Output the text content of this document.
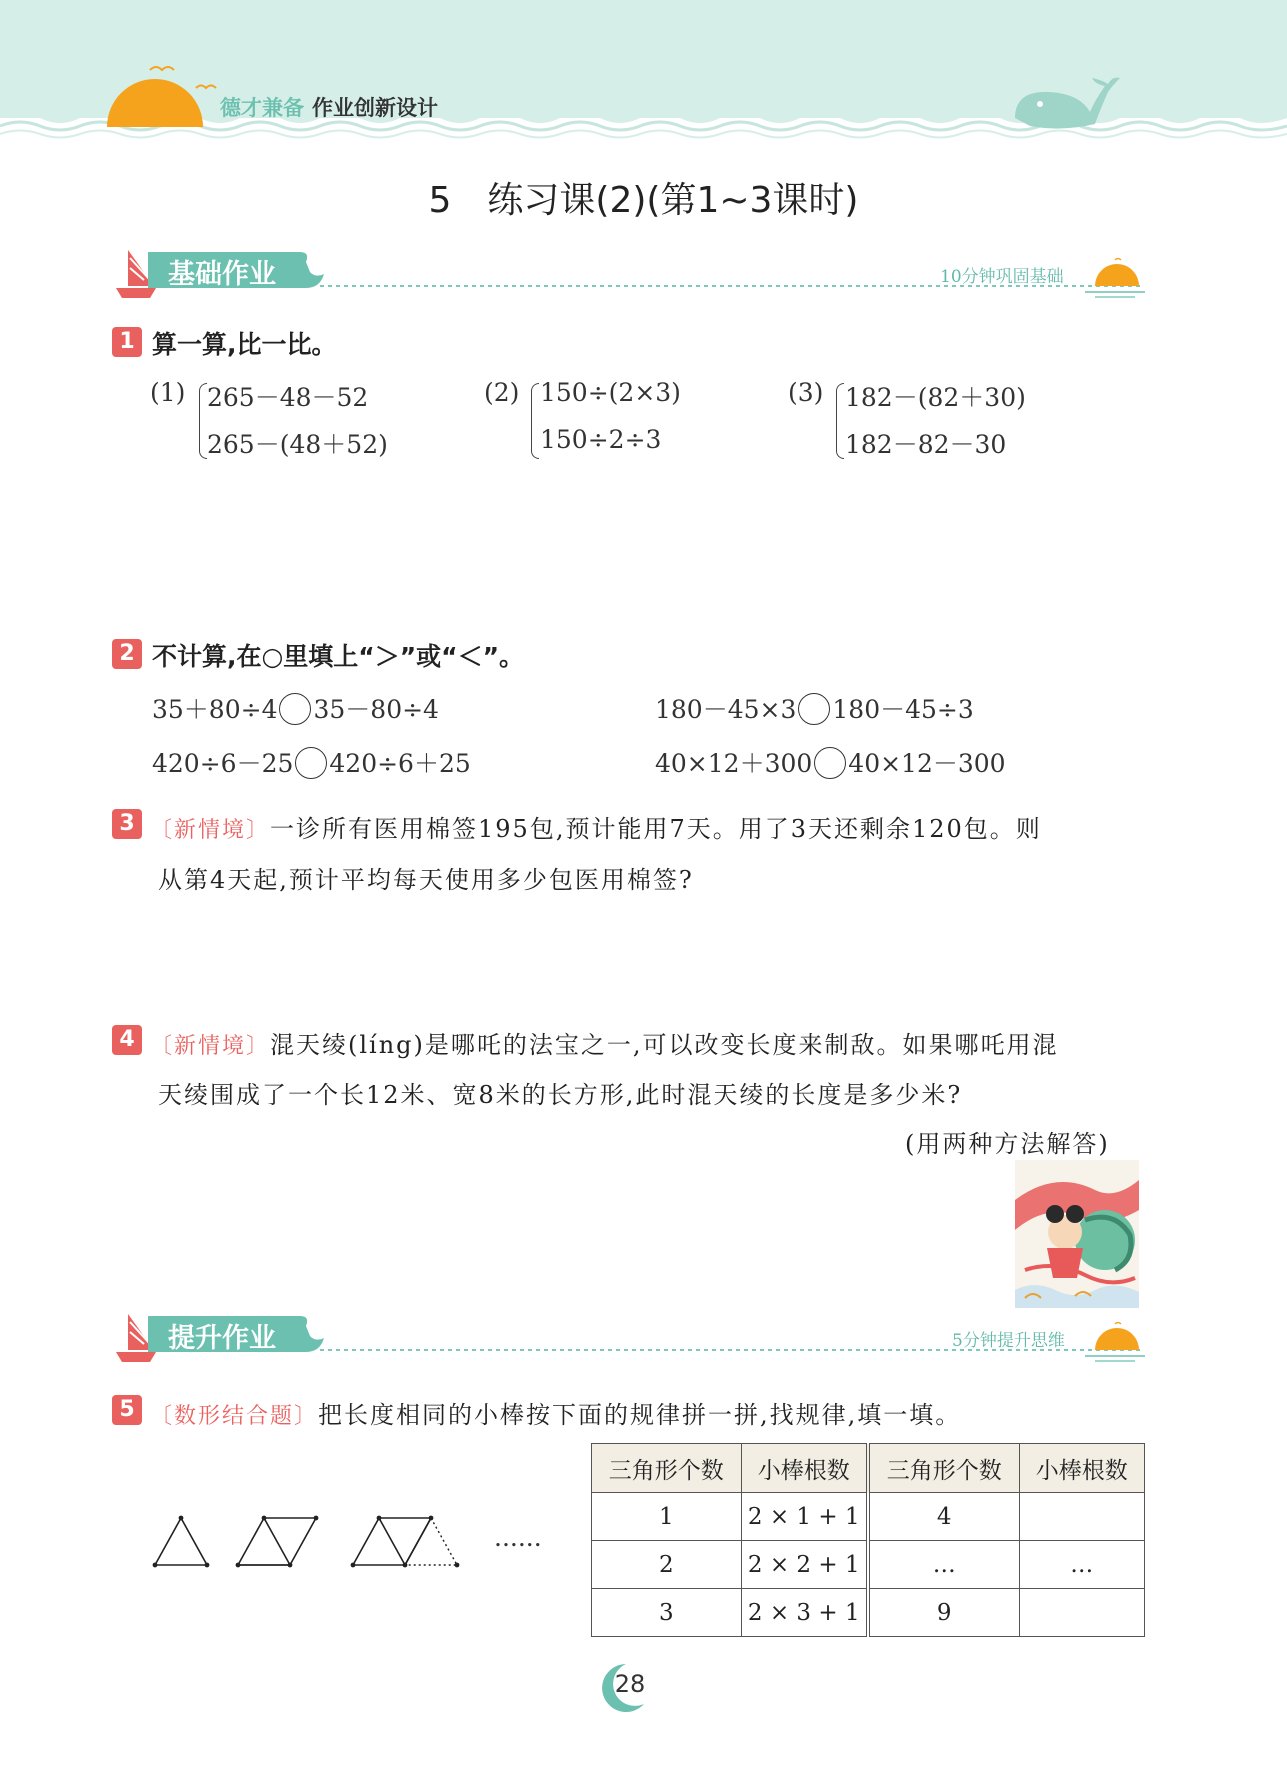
德才兼备 作业创新设计
5　练习课(2)(第1~3课时)
基础作业	10分钟巩固基础
1 算一算,比一比。
(1) 265－48－52
265－(48＋52)
(2) 150÷(2×3)
150÷2÷3
(3) 182－(82＋30)
182－82－30
2 不计算,在○里填上“＞”或“＜”。
35＋80÷4 35－80÷4	180－45×3 180－45÷3
420÷6－25 420÷6＋25	40×12＋300 40×12－300
3 〔新情境〕一诊所有医用棉签195包,预计能用7天。用了3天还剩余120包。则
从第4天起,预计平均每天使用多少包医用棉签?
4 〔新情境〕混天绫(líng)是哪吒的法宝之一,可以改变长度来制敌。如果哪吒用混
天绫围成了一个长12米、宽8米的长方形,此时混天绫的长度是多少米?
(用两种方法解答)
提升作业	5分钟提升思维
5 〔数形结合题〕把长度相同的小棒按下面的规律拼一拼,找规律,填一填。
......
三角形个数	小棒根数	三角形个数	小棒根数
1	2 × 1 + 1	4	
2	2 × 2 + 1	…	…
3	2 × 3 + 1	9	
28
